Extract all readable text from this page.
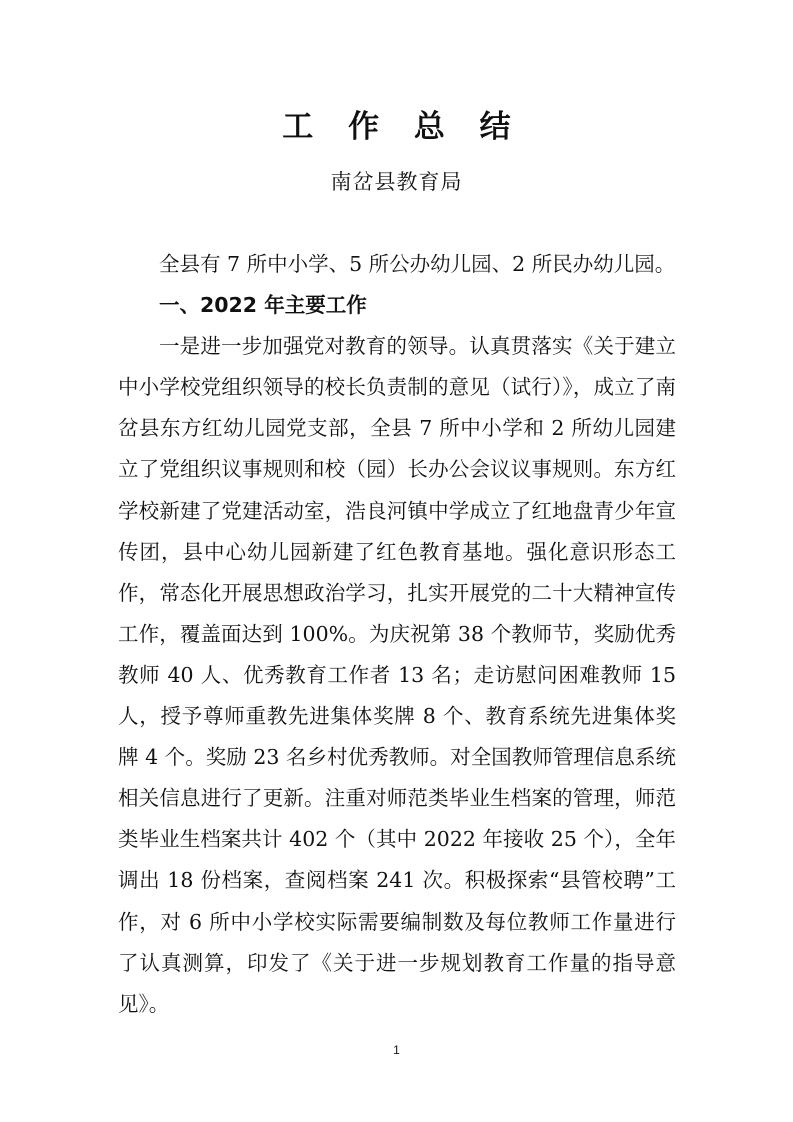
工 作 总 结
南岔县教育局

全县有 7 所中小学、5 所公办幼儿园、2 所民办幼儿园。

一、2022 年主要工作

一是进一步加强党对教育的领导。认真贯落实《关于建立中小学校党组织领导的校长负责制的意见（试行）》，成立了南岔县东方红幼儿园党支部，全县 7 所中小学和 2 所幼儿园建立了党组织议事规则和校（园）长办公会议议事规则。东方红学校新建了党建活动室，浩良河镇中学成立了红地盘青少年宣传团，县中心幼儿园新建了红色教育基地。强化意识形态工作，常态化开展思想政治学习，扎实开展党的二十大精神宣传工作，覆盖面达到 100%。为庆祝第 38 个教师节，奖励优秀教师 40 人、优秀教育工作者 13 名；走访慰问困难教师 15 人，授予尊师重教先进集体奖牌 8 个、教育系统先进集体奖牌 4 个。奖励 23 名乡村优秀教师。对全国教师管理信息系统相关信息进行了更新。注重对师范类毕业生档案的管理，师范类毕业生档案共计 402 个（其中 2022 年接收 25 个），全年调出 18 份档案，查阅档案 241 次。积极探索“县管校聘”工作，对 6 所中小学校实际需要编制数及每位教师工作量进行了认真测算，印发了《关于进一步规划教育工作量的指导意见》。

1
